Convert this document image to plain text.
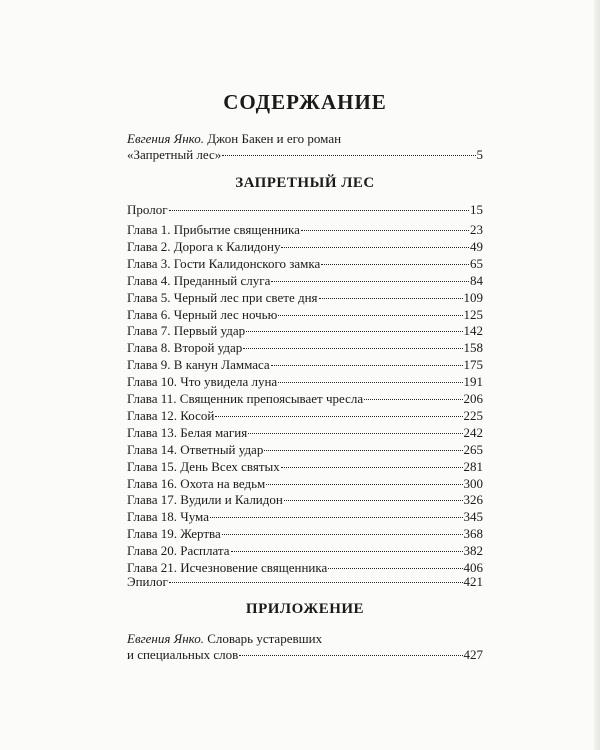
СОДЕРЖАНИЕ
Евгения Янко. Джон Бакен и его роман
«Запретный лес»	5
ЗАПРЕТНЫЙ ЛЕС
Пролог	15
Глава 1. Прибытие священника	23
Глава 2. Дорога к Калидону	49
Глава 3. Гости Калидонского замка	65
Глава 4. Преданный слуга	84
Глава 5. Черный лес при свете дня	109
Глава 6. Черный лес ночью	125
Глава 7. Первый удар	142
Глава 8. Второй удар	158
Глава 9. В канун Ламмаса	175
Глава 10. Что увидела луна	191
Глава 11. Священник препоясывает чресла	206
Глава 12. Косой	225
Глава 13. Белая магия	242
Глава 14. Ответный удар	265
Глава 15. День Всех святых	281
Глава 16. Охота на ведьм	300
Глава 17. Вудили и Калидон	326
Глава 18. Чума	345
Глава 19. Жертва	368
Глава 20. Расплата	382
Глава 21. Исчезновение священника	406
Эпилог	421
ПРИЛОЖЕНИЕ
Евгения Янко. Словарь устаревших
и специальных слов	427
